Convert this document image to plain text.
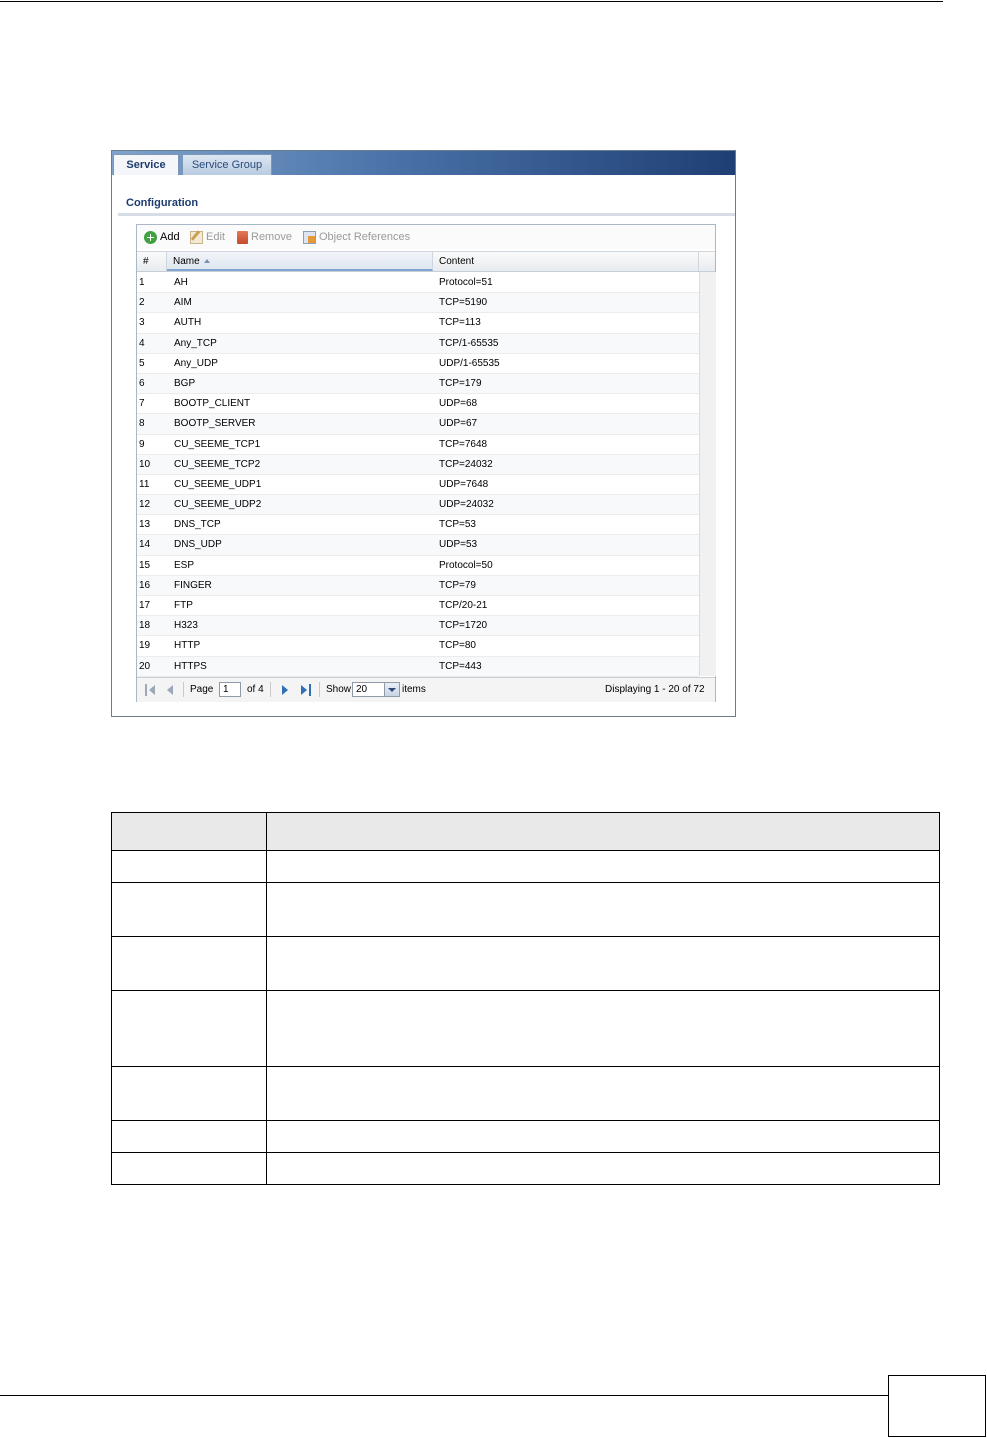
Service	Service Group
Configuration
Add Edit Remove Object References
#	Name	Content
1	AH	Protocol=51
2	AIM	TCP=5190
3	AUTH	TCP=113
4	Any_TCP	TCP/1-65535
5	Any_UDP	UDP/1-65535
6	BGP	TCP=179
7	BOOTP_CLIENT	UDP=68
8	BOOTP_SERVER	UDP=67
9	CU_SEEME_TCP1	TCP=7648
10 CU_SEEME_TCP2	TCP=24032
11 CU_SEEME_UDP1	UDP=7648
12 CU_SEEME_UDP2	UDP=24032
13 DNS_TCP	TCP=53
14 DNS_UDP	UDP=53
15 ESP	Protocol=50
16 FINGER	TCP=79
17 FTP	TCP/20-21
18 H323	TCP=1720
19 HTTP	TCP=80
20 HTTPS	TCP=443
Page 1	of 4	Show 20	items	Displaying 1 - 20 of 72
